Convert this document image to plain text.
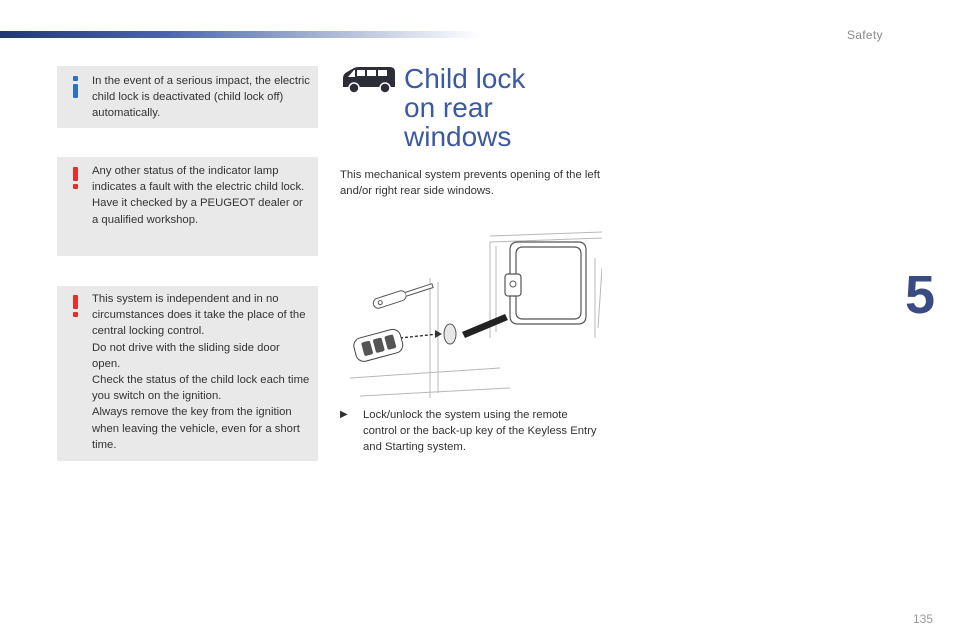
Safety
5

In the event of a serious impact, the electric child lock is deactivated (child lock off) automatically.

Any other status of the indicator lamp indicates a fault with the electric child lock.

Have it checked by a PEUGEOT dealer or a qualified workshop.

This system is independent and in no circumstances does it take the place of the central locking control.

Do not drive with the sliding side door open.

Check the status of the child lock each time you switch on the ignition.

Always remove the key from the ignition when leaving the vehicle, even for a short time.

Child lock
on rear
windows

This mechanical system prevents opening of the left and/or right rear side windows.

▶	Lock/unlock the system using the remote control or the back-up key of the Keyless Entry and Starting system.
135
